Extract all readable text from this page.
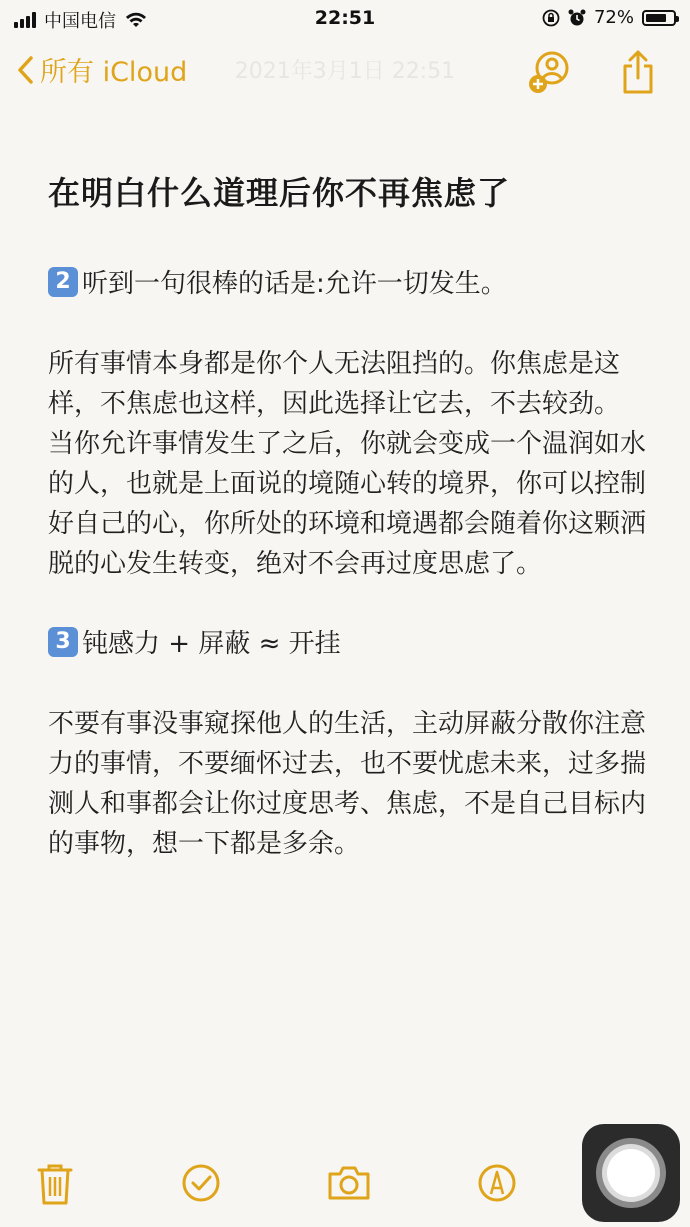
中国电信	22:51	72%
所有 iCloud	2021年3月1日 22:51
在明白什么道理后你不再焦虑了

2 听到一句很棒的话是:允许一切发生。

所有事情本身都是你个人无法阻挡的。你焦虑是这样，不焦虑也这样，因此选择让它去，不去较劲。

当你允许事情发生了之后，你就会变成一个温润如水的人，也就是上面说的境随心转的境界，你可以控制好自己的心，你所处的环境和境遇都会随着你这颗洒脱的心发生转变，绝对不会再过度思虑了。

3 钝感力 + 屏蔽 ≈ 开挂

不要有事没事窥探他人的生活，主动屏蔽分散你注意力的事情，不要缅怀过去，也不要忧虑未来，过多揣测人和事都会让你过度思考、焦虑，不是自己目标内的事物，想一下都是多余。
